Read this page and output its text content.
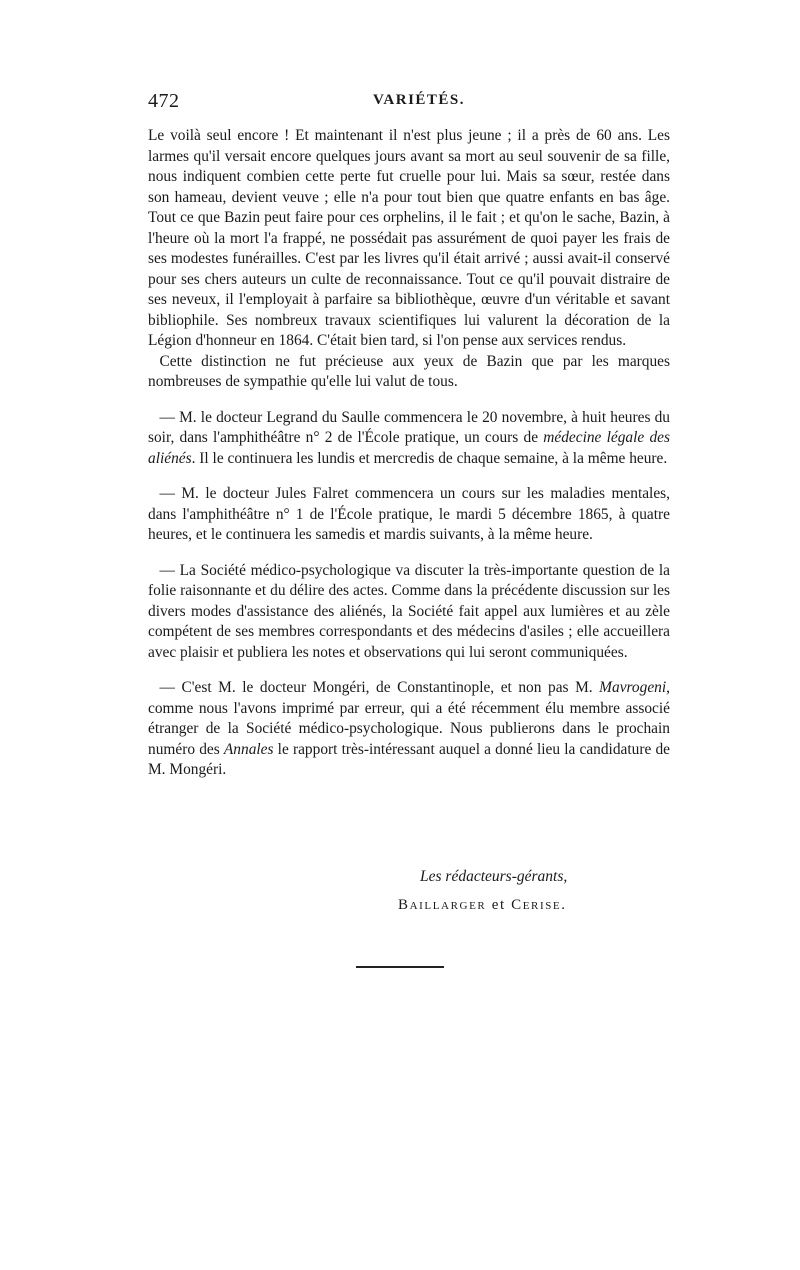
472	VARIÉTÉS.

Le voilà seul encore ! Et maintenant il n'est plus jeune ; il a près de 60 ans. Les larmes qu'il versait encore quelques jours avant sa mort au seul souvenir de sa fille, nous indiquent combien cette perte fut cruelle pour lui. Mais sa sœur, restée dans son hameau, devient veuve ; elle n'a pour tout bien que quatre enfants en bas âge. Tout ce que Bazin peut faire pour ces orphelins, il le fait ; et qu'on le sache, Bazin, à l'heure où la mort l'a frappé, ne possédait pas assurément de quoi payer les frais de ses modestes funérailles. C'est par les livres qu'il était arrivé ; aussi avait-il conservé pour ses chers auteurs un culte de reconnaissance. Tout ce qu'il pouvait distraire de ses neveux, il l'employait à parfaire sa bibliothèque, œuvre d'un véritable et savant bibliophile. Ses nombreux travaux scientifiques lui valurent la décoration de la Légion d'honneur en 1864. C'était bien tard, si l'on pense aux services rendus.

Cette distinction ne fut précieuse aux yeux de Bazin que par les marques nombreuses de sympathie qu'elle lui valut de tous.

— M. le docteur Legrand du Saulle commencera le 20 novembre, à huit heures du soir, dans l'amphithéâtre n° 2 de l'École pratique, un cours de médecine légale des aliénés. Il le continuera les lundis et mercredis de chaque semaine, à la même heure.

— M. le docteur Jules Falret commencera un cours sur les maladies mentales, dans l'amphithéâtre n° 1 de l'École pratique, le mardi 5 décembre 1865, à quatre heures, et le continuera les samedis et mardis suivants, à la même heure.

— La Société médico-psychologique va discuter la très-importante question de la folie raisonnante et du délire des actes. Comme dans la précédente discussion sur les divers modes d'assistance des aliénés, la Société fait appel aux lumières et au zèle compétent de ses membres correspondants et des médecins d'asiles ; elle accueillera avec plaisir et publiera les notes et observations qui lui seront communiquées.

— C'est M. le docteur Mongéri, de Constantinople, et non pas M. Mavrogeni, comme nous l'avons imprimé par erreur, qui a été récemment élu membre associé étranger de la Société médico-psychologique. Nous publierons dans le prochain numéro des Annales le rapport très-intéressant auquel a donné lieu la candidature de M. Mongéri.

Les rédacteurs-gérants,
Baillarger et Cerise.
